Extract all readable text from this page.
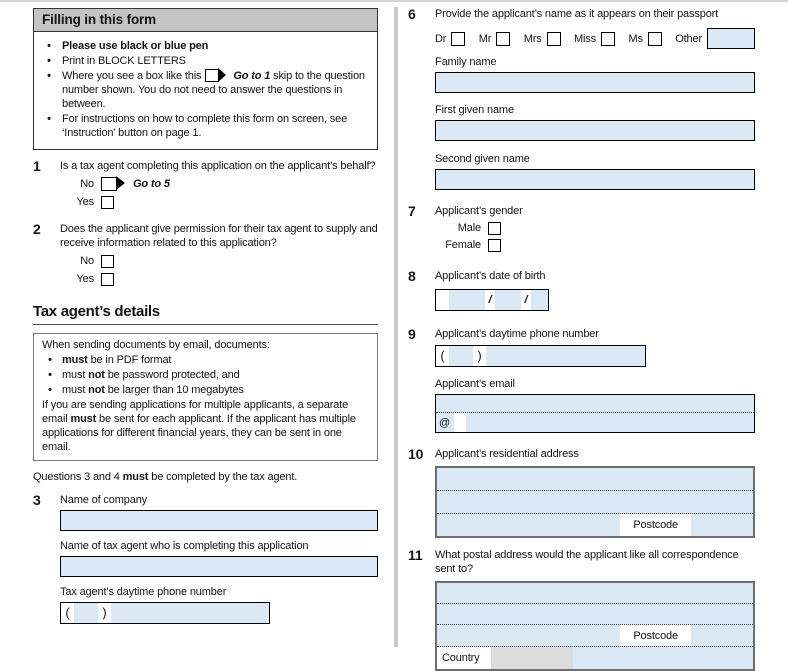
Filling in this form
•	Please use black or blue pen
•	Print in BLOCK LETTERS
•	Where you see a box like this	Go to 1 skip to the question number shown. You do not need to answer the questions in between.
•	For instructions on how to complete this form on screen, see ‘Instruction’ button on page 1.
1	Is a tax agent completing this application on the applicant’s behalf?
No	Go to 5
Yes
2	Does the applicant give permission for their tax agent to supply and receive information related to this application?
No
Yes
Tax agent’s details
When sending documents by email, documents:
• must be in PDF format
• must not be password protected, and
• must not be larger than 10 megabytes
If you are sending applications for multiple applicants, a separate email must be sent for each applicant. If the applicant has multiple applications for different financial years, they can be sent in one email.
Questions 3 and 4 must be completed by the tax agent.
3	Name of company
Name of tax agent who is completing this application
Tax agent’s daytime phone number
(	)
6	Provide the applicant’s name as it appears on their passport
Dr	Mr	Mrs	Miss	Ms	Other
Family name
First given name
Second given name
7	Applicant’s gender
Male
Female
8	Applicant’s date of birth
/	/
9	Applicant’s daytime phone number
(	)
Applicant’s email
@
10	Applicant’s residential address
Postcode
11	What postal address would the applicant like all correspondence sent to?
Postcode
Country
